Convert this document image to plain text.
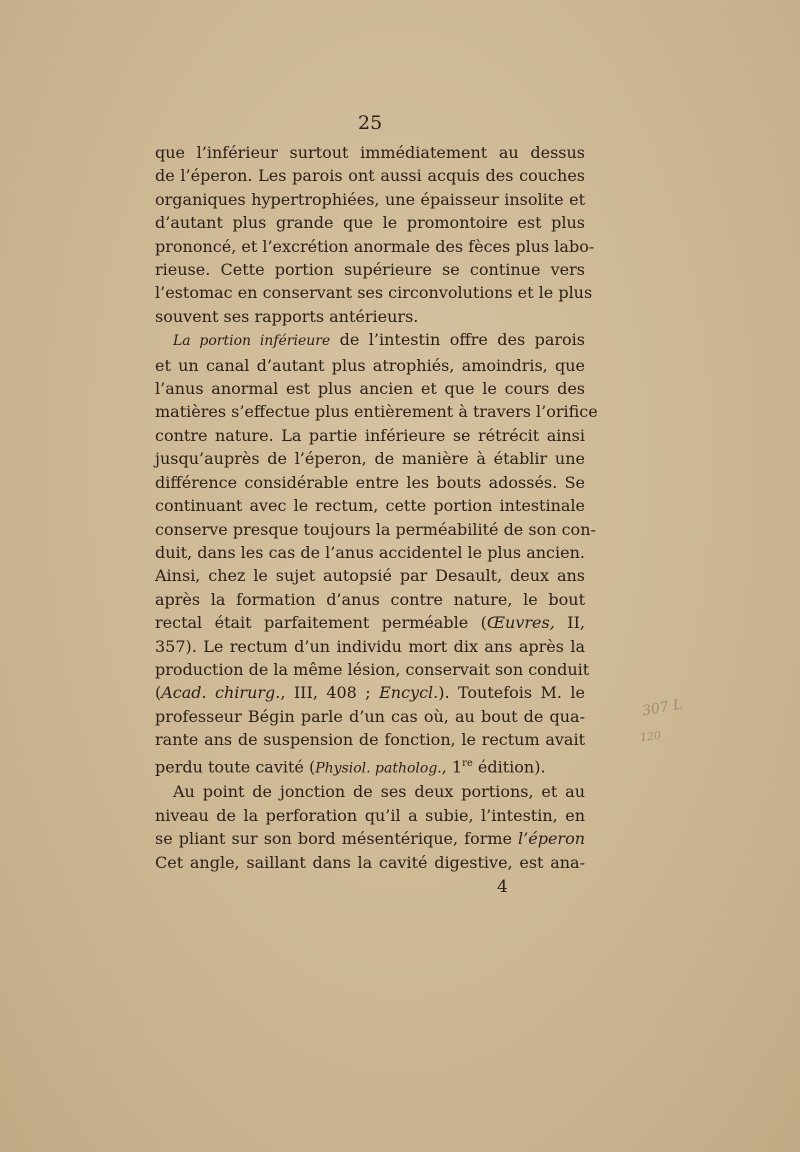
25
que l’inférieur surtout immédiatement au dessus
de l’éperon. Les parois ont aussi acquis des couches
organiques hypertrophiées, une épaisseur insolite et
d’autant plus grande que le promontoire est plus
prononcé, et l’excrétion anormale des fèces plus labo-
rieuse. Cette portion supérieure se continue vers
l’estomac en conservant ses circonvolutions et le plus
souvent ses rapports antérieurs.
La portion inférieure de l’intestin offre des parois
et un canal d’autant plus atrophiés, amoindris, que
l’anus anormal est plus ancien et que le cours des
matières s’effectue plus entièrement à travers l’orifice
contre nature. La partie inférieure se rétrécit ainsi
jusqu’auprès de l’éperon, de manière à établir une
différence considérable entre les bouts adossés. Se
continuant avec le rectum, cette portion intestinale
conserve presque toujours la perméabilité de son con-
duit, dans les cas de l’anus accidentel le plus ancien.
Ainsi, chez le sujet autopsié par Desault, deux ans
après la formation d’anus contre nature, le bout
rectal était parfaitement perméable (Œuvres, II,
357). Le rectum d’un individu mort dix ans après la
production de la même lésion, conservait son conduit
(Acad. chirurg., III, 408 ; Encycl.). Toutefois M. le
professeur Bégin parle d’un cas où, au bout de qua-
rante ans de suspension de fonction, le rectum avait
perdu toute cavité (Physiol. patholog., 1re édition).
Au point de jonction de ses deux portions, et au
niveau de la perforation qu’il a subie, l’intestin, en
se pliant sur son bord mésentérique, forme l’éperon
Cet angle, saillant dans la cavité digestive, est ana-
4
307 L
120
